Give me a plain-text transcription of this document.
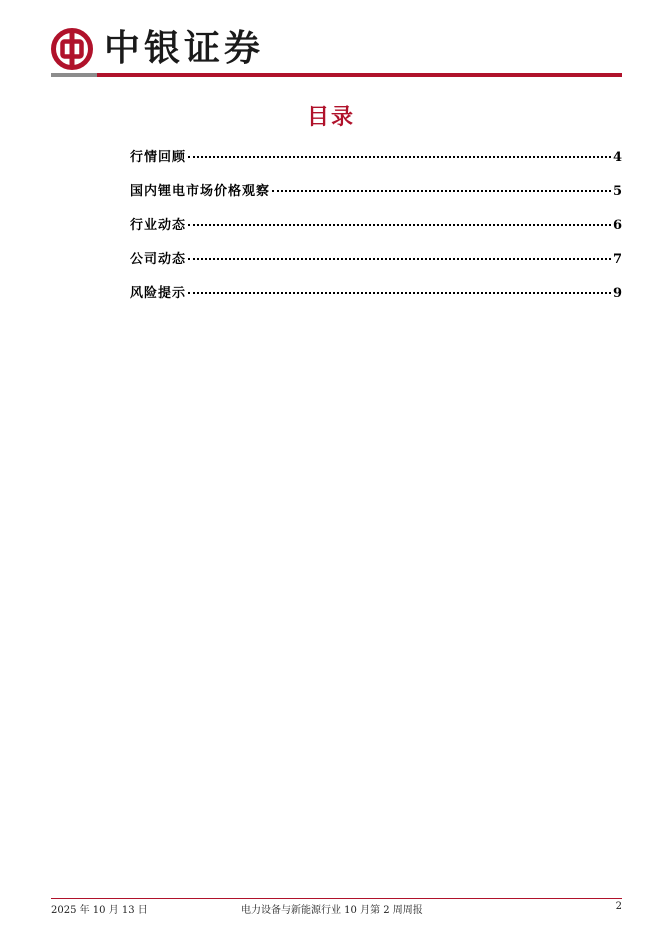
中银证券
目录
行情回顾	4
国内锂电市场价格观察	5
行业动态	6
公司动态	7
风险提示	9
2025 年 10 月 13 日	电力设备与新能源行业 10 月第 2 周周报	2
